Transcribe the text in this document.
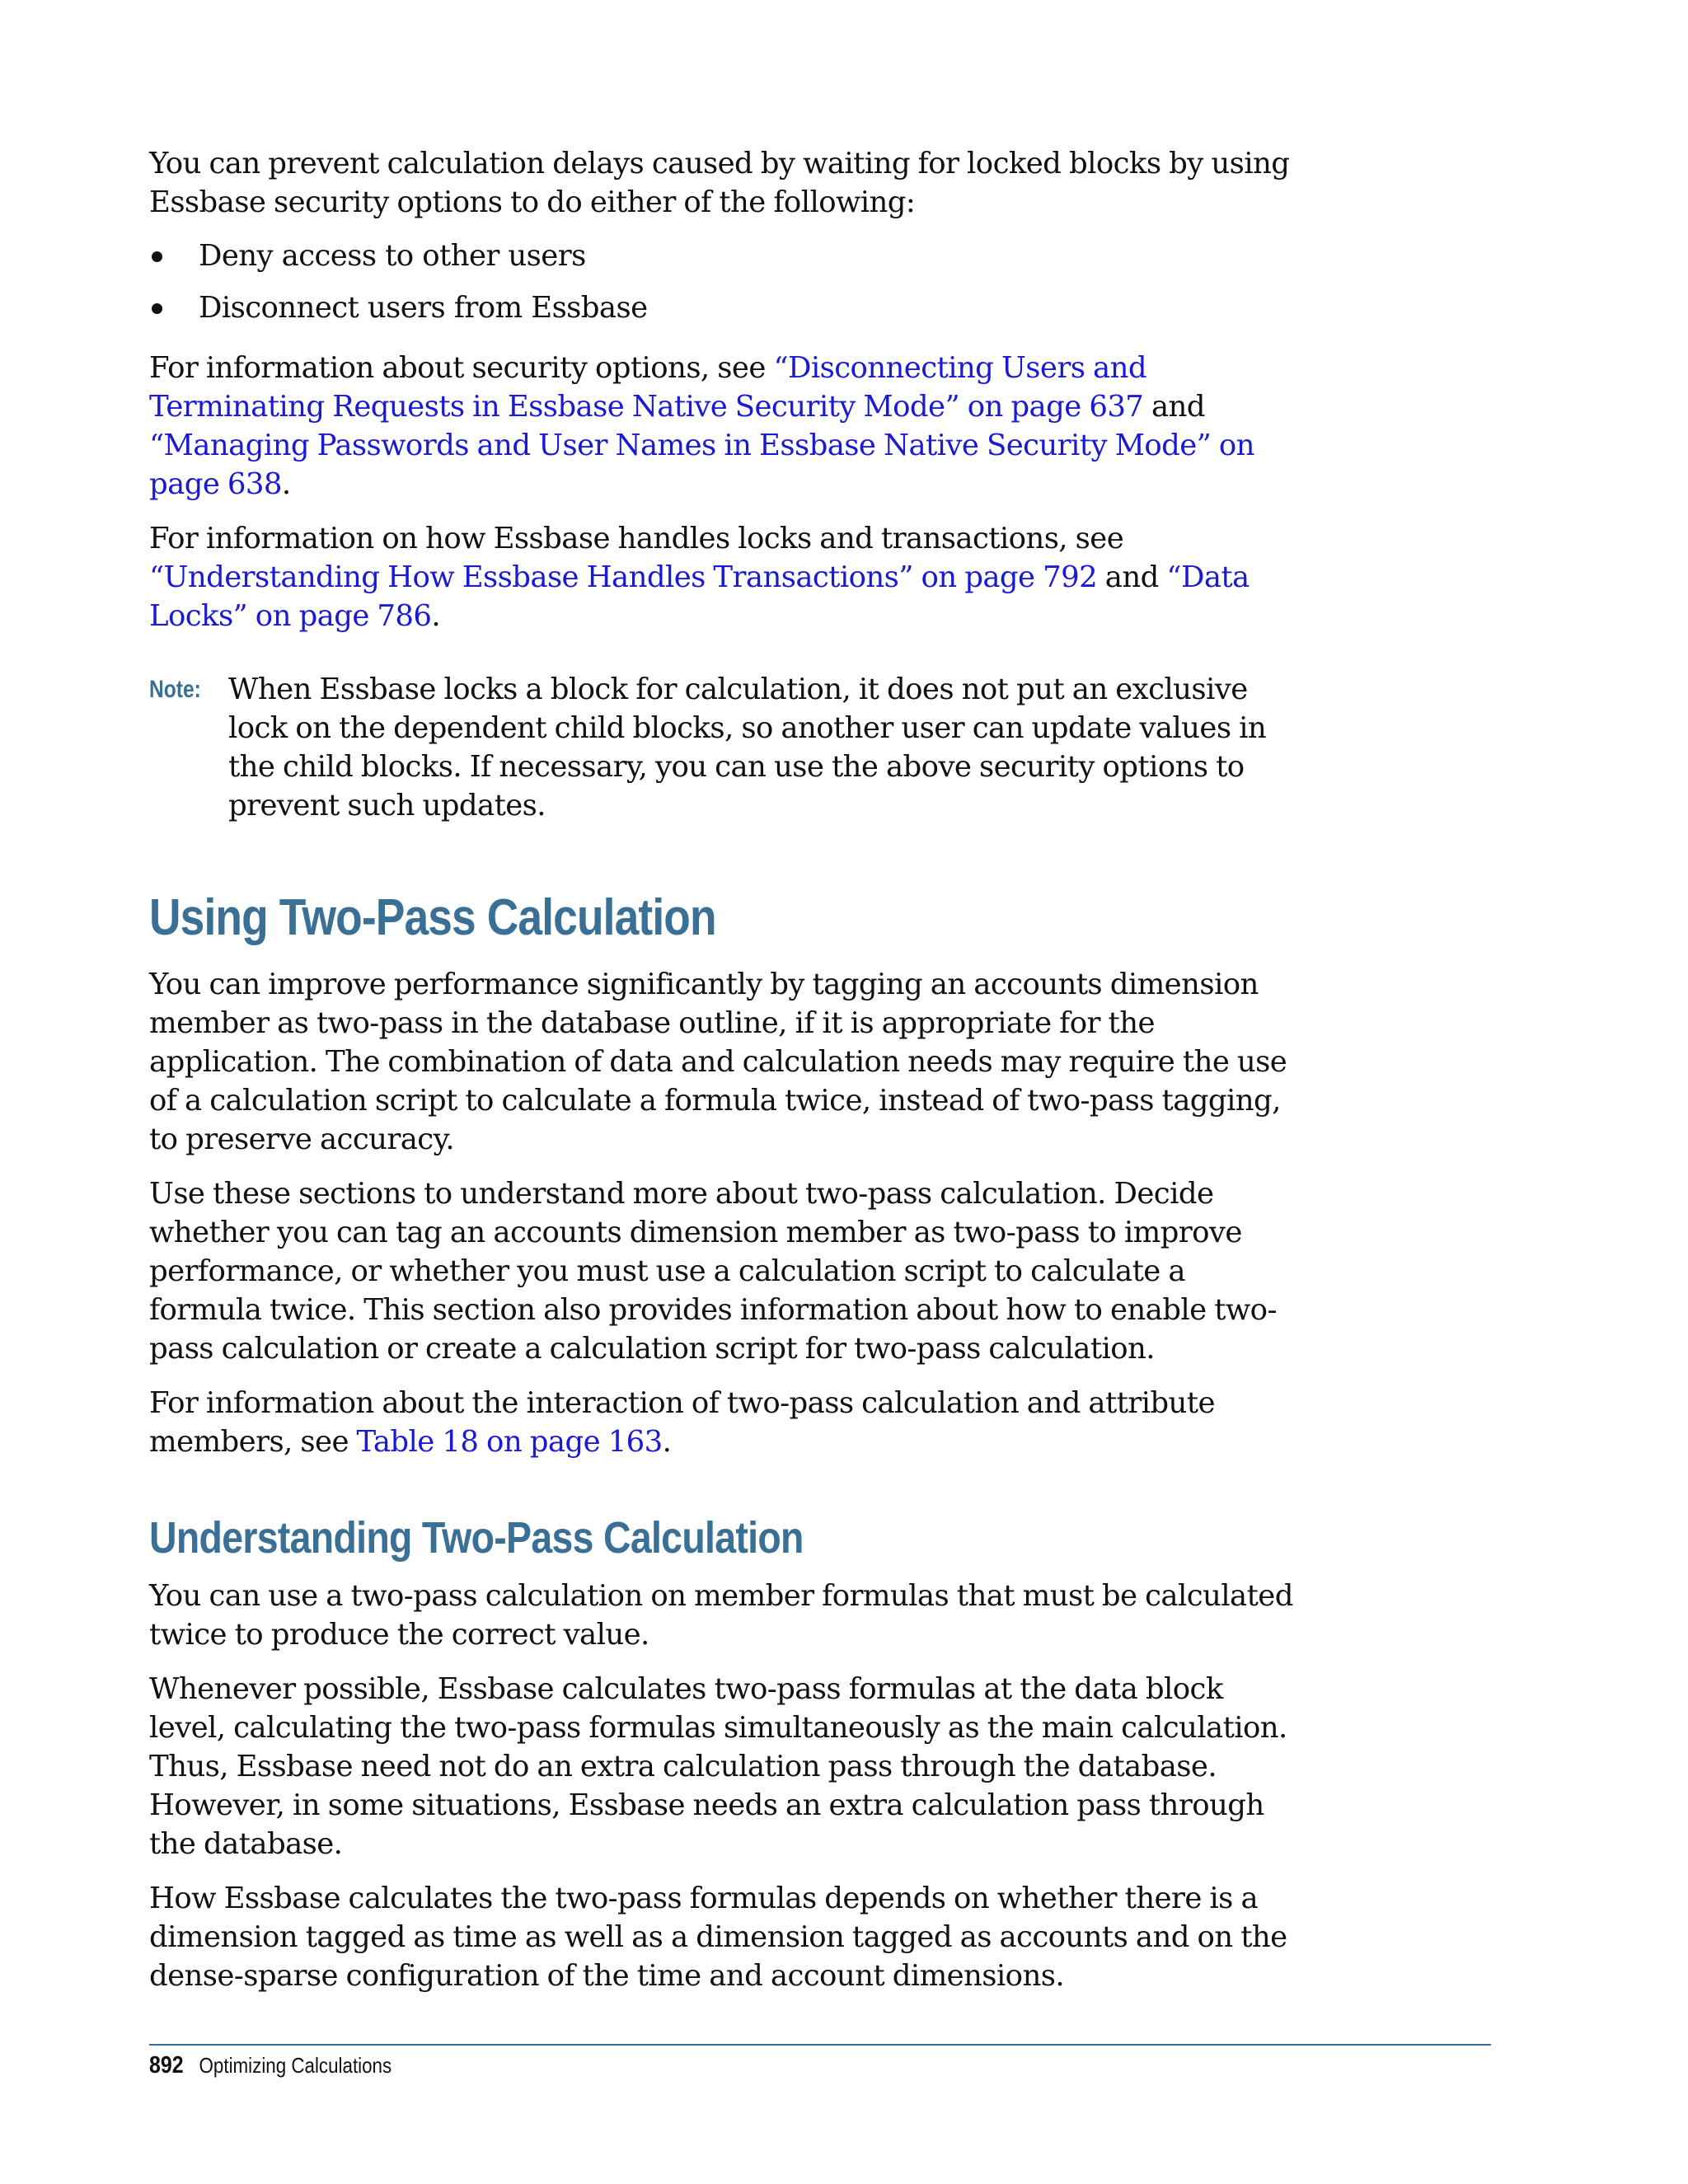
You can prevent calculation delays caused by waiting for locked blocks by using Essbase security options to do either of the following:

Deny access to other users
Disconnect users from Essbase

For information about security options, see “Disconnecting Users and Terminating Requests in Essbase Native Security Mode” on page 637 and “Managing Passwords and User Names in Essbase Native Security Mode” on page 638.

For information on how Essbase handles locks and transactions, see “Understanding How Essbase Handles Transactions” on page 792 and “Data Locks” on page 786.

Note: When Essbase locks a block for calculation, it does not put an exclusive lock on the dependent child blocks, so another user can update values in the child blocks. If necessary, you can use the above security options to prevent such updates.

Using Two-Pass Calculation

You can improve performance significantly by tagging an accounts dimension member as two-pass in the database outline, if it is appropriate for the application. The combination of data and calculation needs may require the use of a calculation script to calculate a formula twice, instead of two-pass tagging, to preserve accuracy.

Use these sections to understand more about two-pass calculation. Decide whether you can tag an accounts dimension member as two-pass to improve performance, or whether you must use a calculation script to calculate a formula twice. This section also provides information about how to enable two-pass calculation or create a calculation script for two-pass calculation.

For information about the interaction of two-pass calculation and attribute members, see Table 18 on page 163.

Understanding Two-Pass Calculation

You can use a two-pass calculation on member formulas that must be calculated twice to produce the correct value.

Whenever possible, Essbase calculates two-pass formulas at the data block level, calculating the two-pass formulas simultaneously as the main calculation. Thus, Essbase need not do an extra calculation pass through the database. However, in some situations, Essbase needs an extra calculation pass through the database.

How Essbase calculates the two-pass formulas depends on whether there is a dimension tagged as time as well as a dimension tagged as accounts and on the dense-sparse configuration of the time and account dimensions.

892 Optimizing Calculations
